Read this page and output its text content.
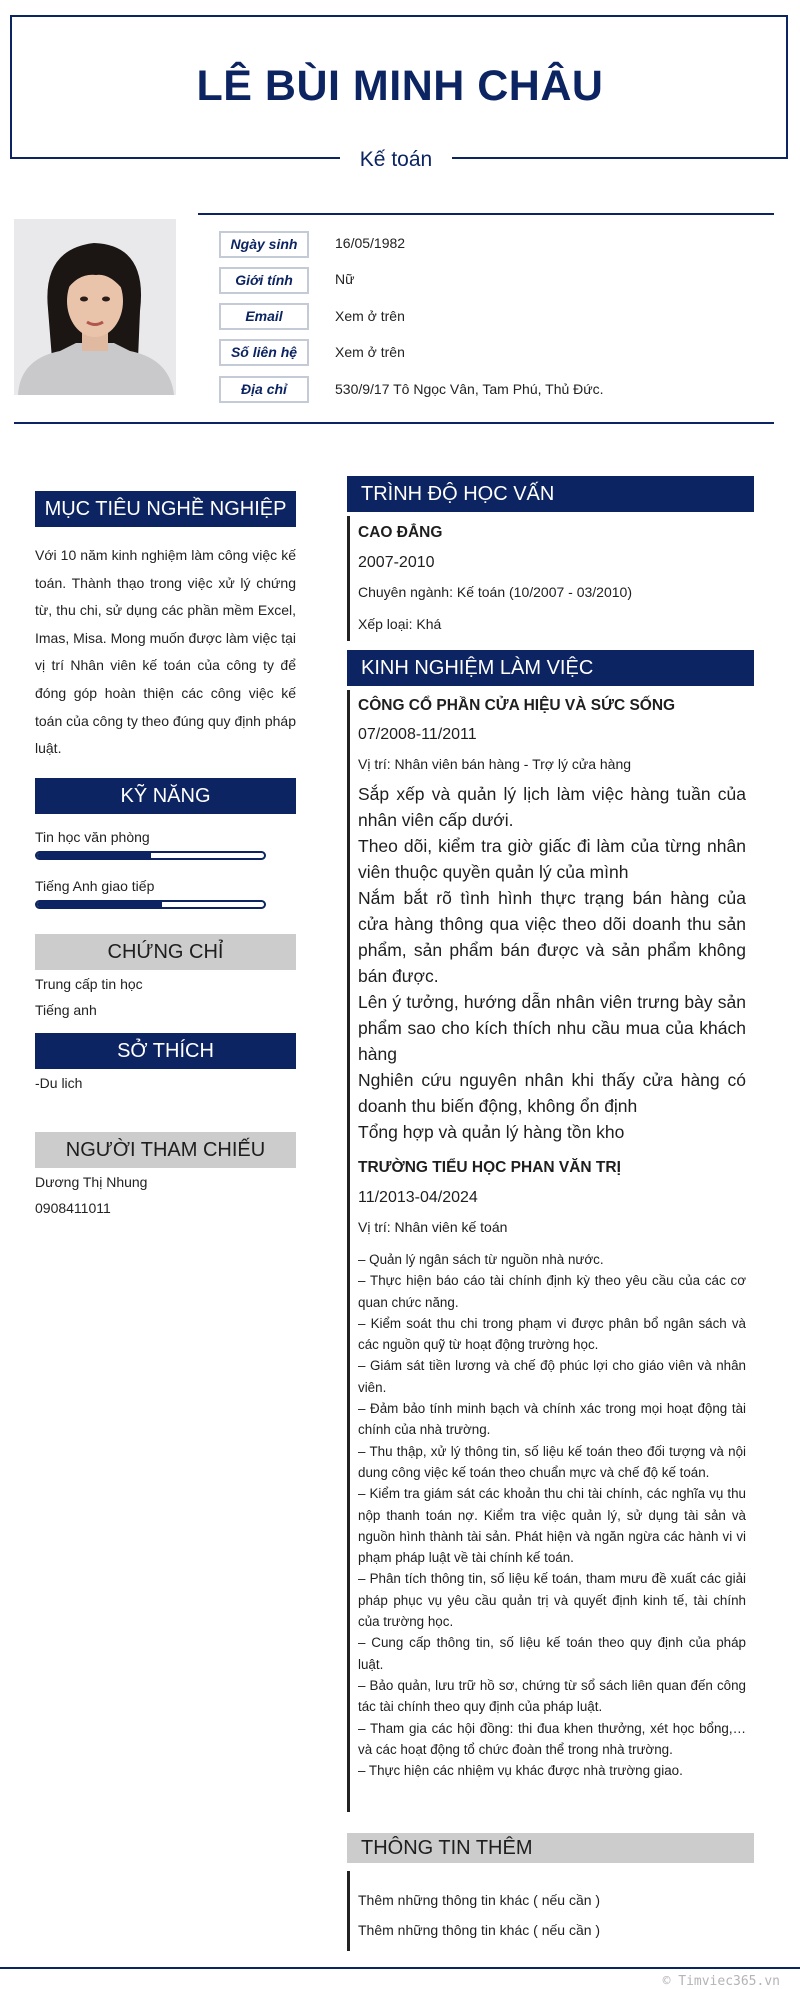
LÊ BÙI MINH CHÂU
Kế toán
Ngày sinh	16/05/1982
Giới tính	Nữ
Email	Xem ở trên
Số liên hệ	Xem ở trên
Địa chỉ	530/9/17 Tô Ngọc Vân, Tam Phú, Thủ Đức.
MỤC TIÊU NGHỀ NGHIỆP
Với 10 năm kinh nghiệm làm công việc kế toán. Thành thạo trong việc xử lý chứng từ, thu chi, sử dụng các phần mềm Excel, Imas, Misa. Mong muốn được làm việc tại vị trí Nhân viên kế toán của công ty để đóng góp hoàn thiện các công việc kế toán của công ty theo đúng quy định pháp luật.
KỸ NĂNG
Tin học văn phòng
Tiếng Anh giao tiếp
CHỨNG CHỈ
Trung cấp tin học
Tiếng anh
SỞ THÍCH
-Du lich
NGƯỜI THAM CHIẾU
Dương Thị Nhung
0908411011
TRÌNH ĐỘ HỌC VẤN
CAO ĐẲNG
2007-2010
Chuyên ngành: Kế toán (10/2007 - 03/2010)
Xếp loại: Khá
KINH NGHIỆM LÀM VIỆC
CÔNG CỔ PHẦN CỬA HIỆU VÀ SỨC SỐNG
07/2008-11/2011
Vị trí: Nhân viên bán hàng - Trợ lý cửa hàng

Sắp xếp và quản lý lịch làm việc hàng tuần của nhân viên cấp dưới.

Theo dõi, kiểm tra giờ giấc đi làm của từng nhân viên thuộc quyền quản lý của mình

Nắm bắt rõ tình hình thực trạng bán hàng của cửa hàng thông qua việc theo dõi doanh thu sản phẩm, sản phẩm bán được và sản phẩm không bán được.

Lên ý tưởng, hướng dẫn nhân viên trưng bày sản phẩm sao cho kích thích nhu cầu mua của khách hàng

Nghiên cứu nguyên nhân khi thấy cửa hàng có doanh thu biến động, không ổn định

Tổng hợp và quản lý hàng tồn kho

TRƯỜNG TIỂU HỌC PHAN VĂN TRỊ
11/2013-04/2024
Vị trí: Nhân viên kế toán

– Quản lý ngân sách từ nguồn nhà nước.

– Thực hiện báo cáo tài chính định kỳ theo yêu cầu của các cơ quan chức năng.

– Kiểm soát thu chi trong phạm vi được phân bổ ngân sách và các nguồn quỹ từ hoạt động trường học.

– Giám sát tiền lương và chế độ phúc lợi cho giáo viên và nhân viên.

– Đảm bảo tính minh bạch và chính xác trong mọi hoạt động tài chính của nhà trường.

– Thu thập, xử lý thông tin, số liệu kế toán theo đối tượng và nội dung công việc kế toán theo chuẩn mực và chế độ kế toán.

– Kiểm tra giám sát các khoản thu chi tài chính, các nghĩa vụ thu nộp thanh toán nợ. Kiểm tra việc quản lý, sử dụng tài sản và nguồn hình thành tài sản. Phát hiện và ngăn ngừa các hành vi vi phạm pháp luật về tài chính kế toán.

– Phân tích thông tin, số liệu kế toán, tham mưu đề xuất các giải pháp phục vụ yêu cầu quản trị và quyết định kinh tế, tài chính của trường học.

– Cung cấp thông tin, số liệu kế toán theo quy định của pháp luật.

– Bảo quản, lưu trữ hồ sơ, chứng từ sổ sách liên quan đến công tác tài chính theo quy định của pháp luật.

– Tham gia các hội đồng: thi đua khen thưởng, xét học bổng,… và các hoạt động tổ chức đoàn thể trong nhà trường.

– Thực hiện các nhiệm vụ khác được nhà trường giao.

THÔNG TIN THÊM
Thêm những thông tin khác ( nếu cần )
Thêm những thông tin khác ( nếu cần )
© Timviec365.vn
